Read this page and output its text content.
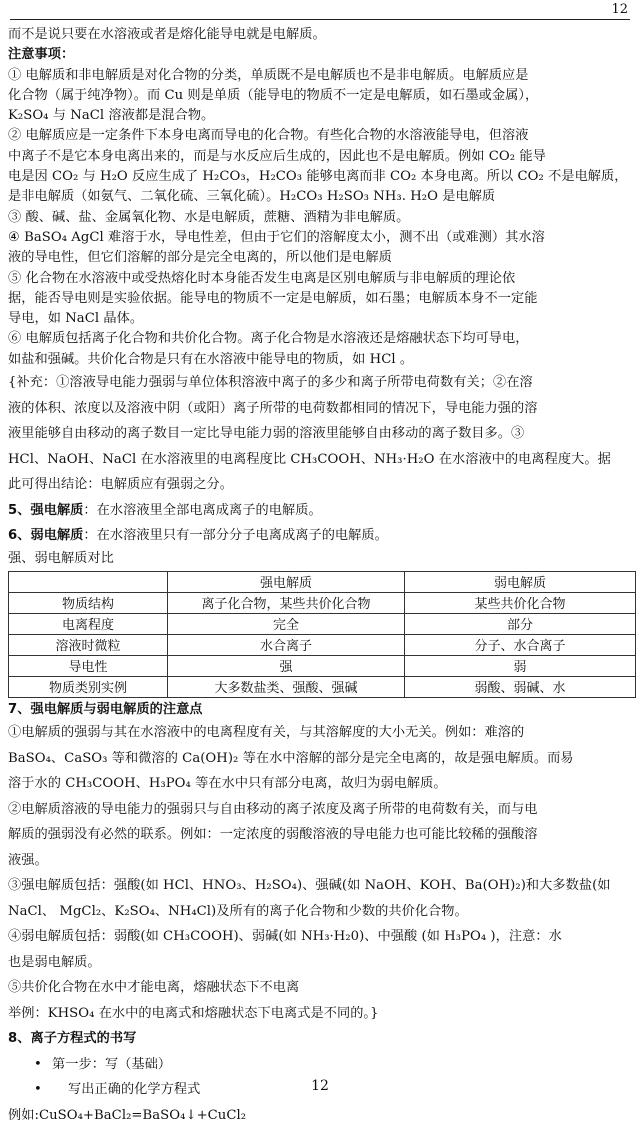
12
而不是说只要在水溶液或者是熔化能导电就是电解质。
注意事项：
① 电解质和非电解质是对化合物的分类，单质既不是电解质也不是非电解质。电解质应是
化合物（属于纯净物）。而 Cu 则是单质（能导电的物质不一定是电解质，如石墨或金属），
K₂SO₄ 与 NaCl 溶液都是混合物。
② 电解质应是一定条件下本身电离而导电的化合物。有些化合物的水溶液能导电，但溶液
中离子不是它本身电离出来的，而是与水反应后生成的，因此也不是电解质。例如 CO₂ 能导
电是因 CO₂ 与 H₂O 反应生成了 H₂CO₃，H₂CO₃ 能够电离而非 CO₂ 本身电离。所以 CO₂ 不是电解质，
是非电解质（如氨气、二氧化硫、三氧化硫）。H₂CO₃ H₂SO₃ NH₃. H₂O 是电解质
③ 酸、碱、盐、金属氧化物、水是电解质，蔗糖、酒精为非电解质。
④ BaSO₄ AgCl 难溶于水，导电性差，但由于它们的溶解度太小，测不出（或难测）其水溶
液的导电性，但它们溶解的部分是完全电离的，所以他们是电解质
⑤ 化合物在水溶液中或受热熔化时本身能否发生电离是区别电解质与非电解质的理论依
据，能否导电则是实验依据。能导电的物质不一定是电解质，如石墨；电解质本身不一定能
导电，如 NaCl 晶体。
⑥ 电解质包括离子化合物和共价化合物。离子化合物是水溶液还是熔融状态下均可导电，
如盐和强碱。共价化合物是只有在水溶液中能导电的物质，如 HCl 。
{补充：①溶液导电能力强弱与单位体积溶液中离子的多少和离子所带电荷数有关；②在溶
液的体积、浓度以及溶液中阴（或阳）离子所带的电荷数都相同的情况下，导电能力强的溶
液里能够自由移动的离子数目一定比导电能力弱的溶液里能够自由移动的离子数目多。③
HCl、NaOH、NaCl 在水溶液里的电离程度比 CH₃COOH、NH₃·H₂O 在水溶液中的电离程度大。据
此可得出结论：电解质应有强弱之分。
5、强电解质：在水溶液里全部电离成离子的电解质。
6、弱电解质：在水溶液里只有一部分分子电离成离子的电解质。
强、弱电解质对比
	强电解质	弱电解质
物质结构	离子化合物，某些共价化合物	某些共价化合物
电离程度	完全	部分
溶液时微粒	水合离子	分子、水合离子
导电性	强	弱
物质类别实例	大多数盐类、强酸、强碱	弱酸、弱碱、水
7、强电解质与弱电解质的注意点
①电解质的强弱与其在水溶液中的电离程度有关，与其溶解度的大小无关。例如：难溶的
BaSO₄、CaSO₃ 等和微溶的 Ca(OH)₂ 等在水中溶解的部分是完全电离的，故是强电解质。而易
溶于水的 CH₃COOH、H₃PO₄ 等在水中只有部分电离，故归为弱电解质。
②电解质溶液的导电能力的强弱只与自由移动的离子浓度及离子所带的电荷数有关，而与电
解质的强弱没有必然的联系。例如：一定浓度的弱酸溶液的导电能力也可能比较稀的强酸溶
液强。
③强电解质包括：强酸(如 HCl、HNO₃、H₂SO₄)、强碱(如 NaOH、KOH、Ba(OH)₂)和大多数盐(如
NaCl、 MgCl₂、K₂SO₄、NH₄Cl)及所有的离子化合物和少数的共价化合物。
④弱电解质包括：弱酸(如 CH₃COOH)、弱碱(如 NH₃·H₂0)、中强酸 (如 H₃PO₄ )，注意：水
也是弱电解质。
⑤共价化合物在水中才能电离，熔融状态下不电离
举例：KHSO₄ 在水中的电离式和熔融状态下电离式是不同的。}
8、离子方程式的书写
• 第一步：写（基础）
• 写出正确的化学方程式
例如:CuSO₄+BaCl₂=BaSO₄↓+CuCl₂
12
